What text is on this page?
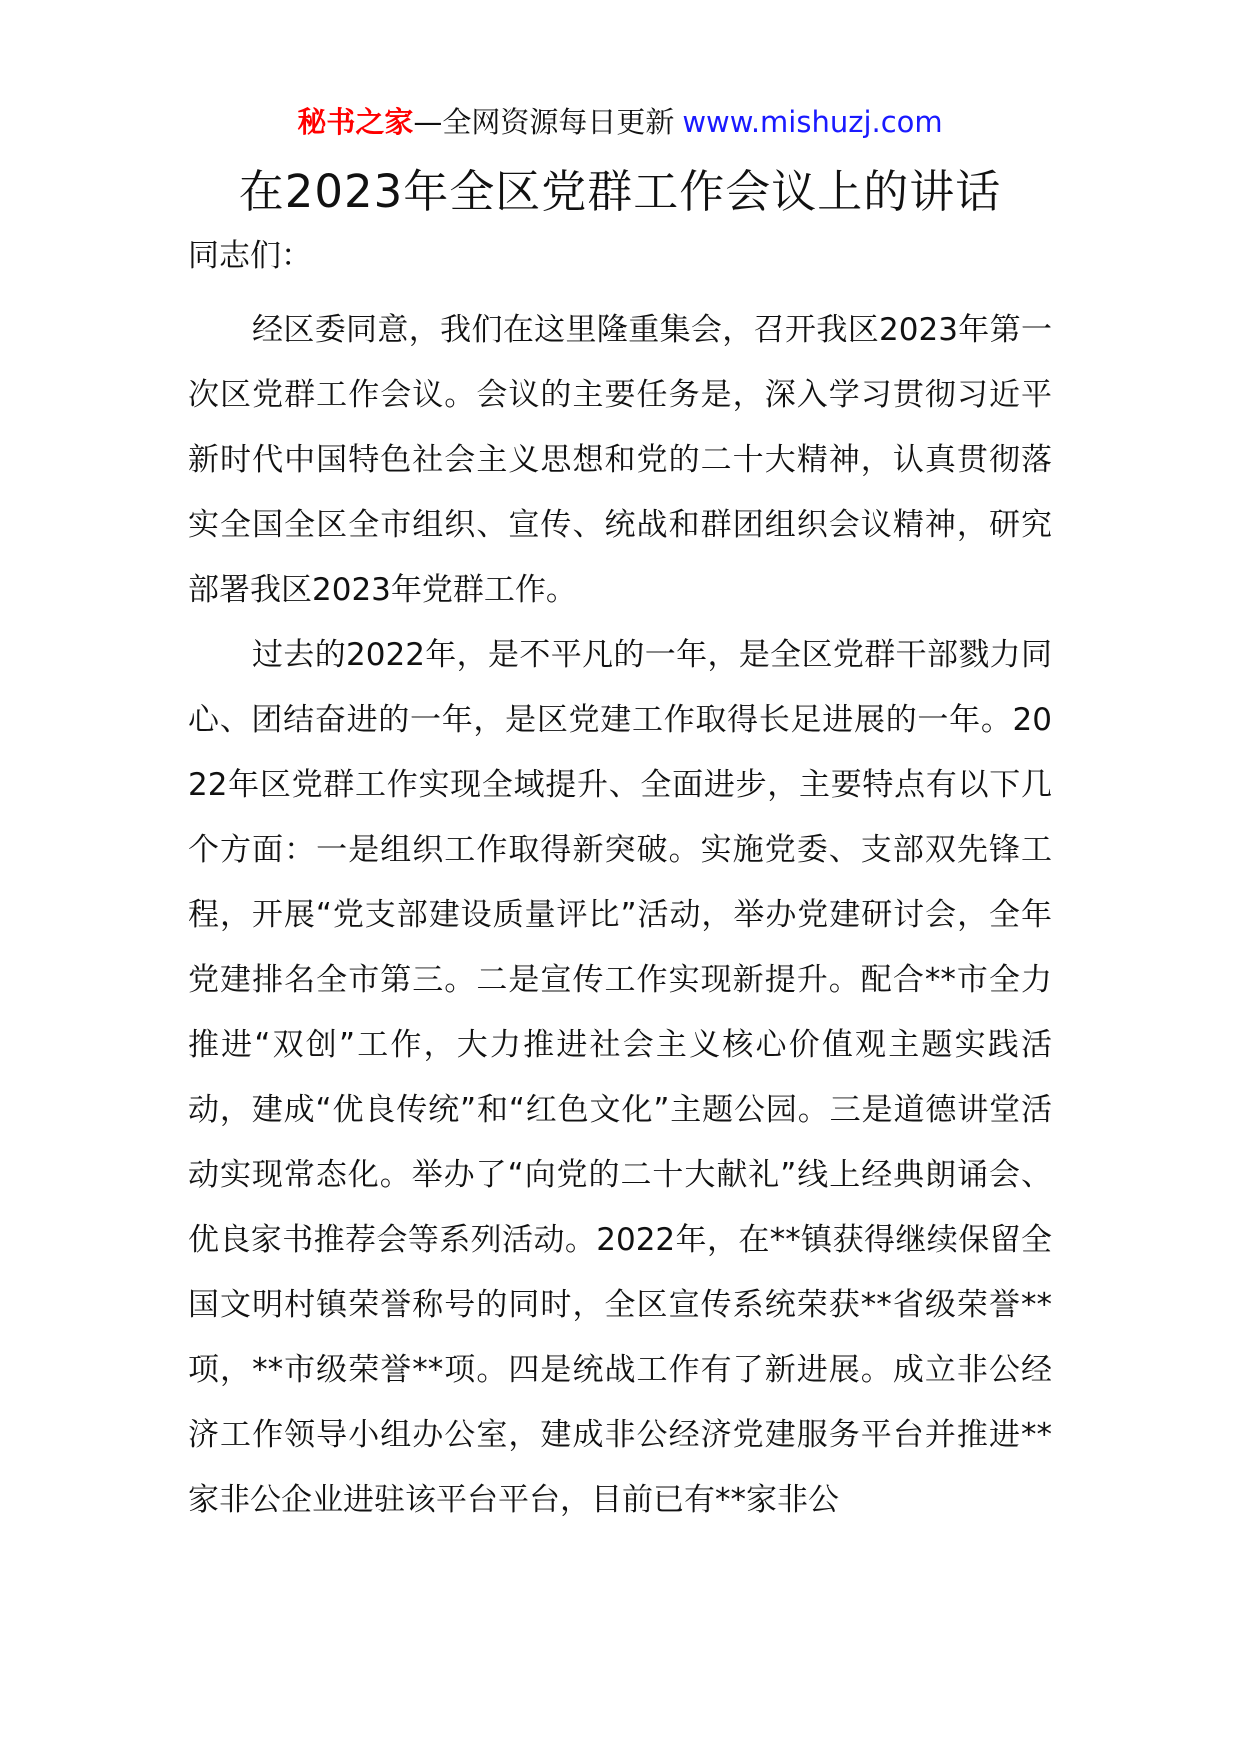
秘书之家—全网资源每日更新 www.mishuzj.com
在2023年全区党群工作会议上的讲话
同志们：

经区委同意，我们在这里隆重集会，召开我区2023年第一次区党群工作会议。会议的主要任务是，深入学习贯彻习近平新时代中国特色社会主义思想和党的二十大精神，认真贯彻落实全国全区全市组织、宣传、统战和群团组织会议精神，研究部署我区2023年党群工作。

过去的2022年，是不平凡的一年，是全区党群干部戮力同心、团结奋进的一年，是区党建工作取得长足进展的一年。2022年区党群工作实现全域提升、全面进步，主要特点有以下几个方面：一是组织工作取得新突破。实施党委、支部双先锋工程，开展“党支部建设质量评比”活动，举办党建研讨会，全年党建排名全市第三。二是宣传工作实现新提升。配合**市全力推进“双创”工作，大力推进社会主义核心价值观主题实践活动，建成“优良传统”和“红色文化”主题公园。三是道德讲堂活动实现常态化。举办了“向党的二十大献礼”线上经典朗诵会、优良家书推荐会等系列活动。2022年，在**镇获得继续保留全国文明村镇荣誉称号的同时，全区宣传系统荣获**省级荣誉**项，**市级荣誉**项。四是统战工作有了新进展。成立非公经济工作领导小组办公室，建成非公经济党建服务平台并推进**家非公企业进驻该平台平台，目前已有**家非公
